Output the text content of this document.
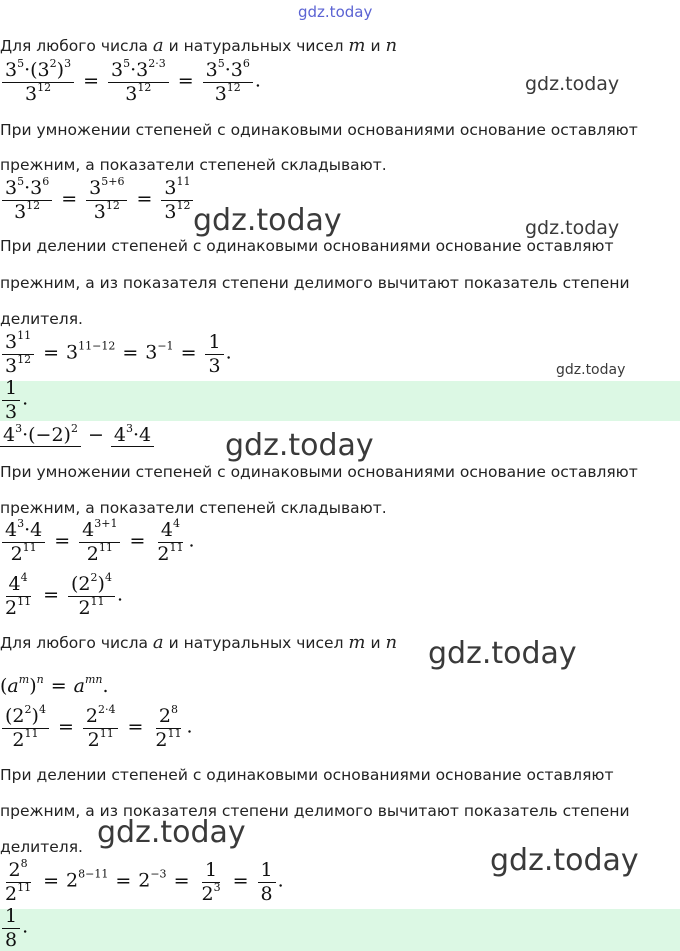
gdz.today
Для любого числа a и натуральных чисел m и n
$\frac{3^5\cdot(3^2)^3}{3^{12}} = \frac{3^5\cdot 3^{2\cdot 3}}{3^{12}} = \frac{3^5\cdot 3^6}{3^{12}}$ .	gdz.today
При умножении степеней с одинаковыми основаниями основание оставляют
прежним, а показатели степеней складывают.
$\frac{3^5\cdot 3^6}{3^{12}} = \frac{3^{5+6}}{3^{12}} = \frac{3^{11}}{3^{12}}$ gdz.today	gdz.today
При делении степеней с одинаковыми основаниями основание оставляют
прежним, а из показателя степени делимого вычитают показатель степени
делителя.
$\frac{3^{11}}{3^{12}} = 3^{11-12} = 3^{-1} = \frac{1}{3}$ .
gdz.today
$\frac{1}{3}$ .
$4^3\cdot(-2)^2 - 4^3\cdot 4$ gdz.today
При умножении степеней с одинаковыми основаниями основание оставляют
прежним, а показатели степеней складывают.
$\frac{4^3\cdot 4}{2^{11}} = \frac{4^{3+1}}{2^{11}} = \frac{4^4}{2^{11}}$ .
$\frac{4^4}{2^{11}} = \frac{(2^2)^4}{2^{11}}$ .
Для любого числа a и натуральных чисел m и n gdz.today
$(a^m)^n = a^{mn}$.
$\frac{(2^2)^4}{2^{11}} = \frac{2^{2\cdot 4}}{2^{11}} = \frac{2^8}{2^{11}}$ .
При делении степеней с одинаковыми основаниями основание оставляют
прежним, а из показателя степени делимого вычитают показатель степени
делителя. gdz.today
gdz.today
$\frac{2^8}{2^{11}} = 2^{8-11} = 2^{-3} = \frac{1}{2^3} = \frac{1}{8}$ .
$\frac{1}{8}$ .
